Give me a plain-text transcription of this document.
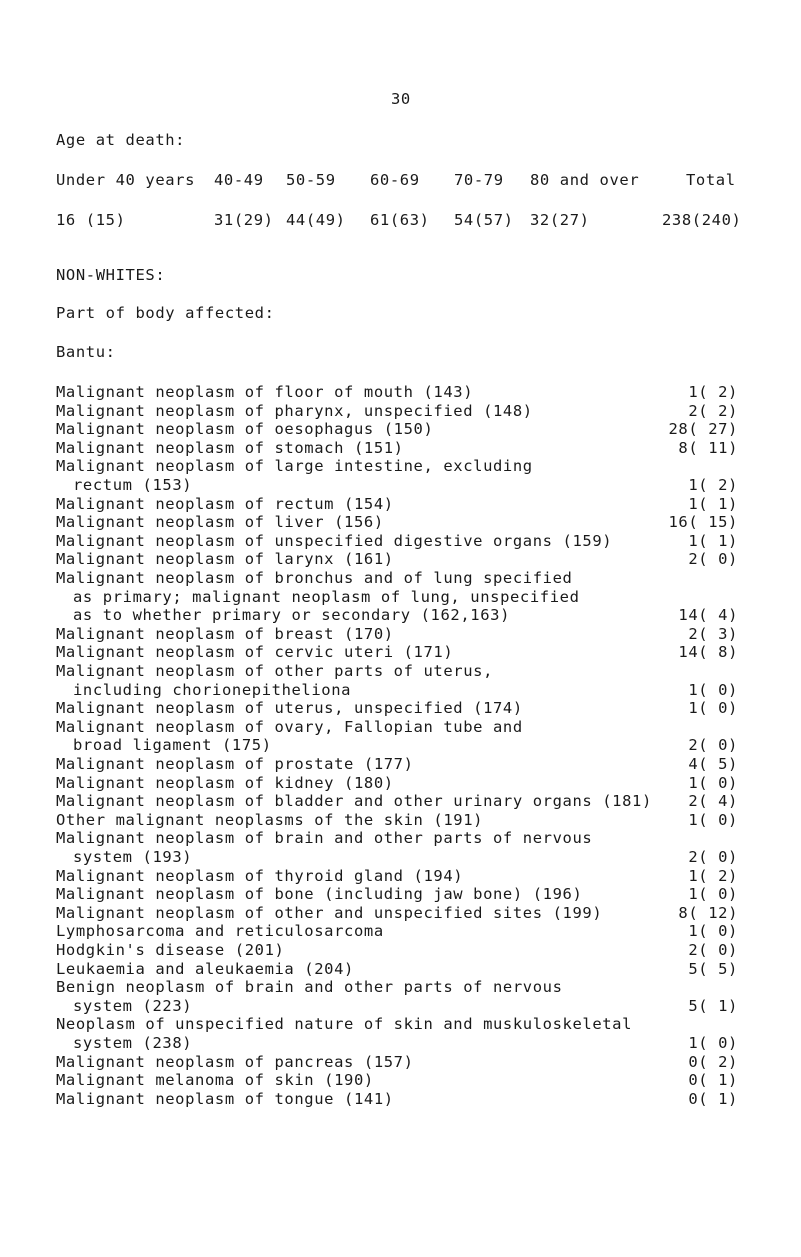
30
Age at death:
Under 40 years 40-49 50-59 60-69 70-79 80 and over	Total
16 (15)	31(29) 44(49) 61(63) 54(57) 32(27)	238(240)
NON-WHITES:
Part of body affected:
Bantu:
Malignant neoplasm of floor of mouth (143)	1( 2)
Malignant neoplasm of pharynx, unspecified (148)	2( 2)
Malignant neoplasm of oesophagus (150)	28( 27)
Malignant neoplasm of stomach (151)	8( 11)
Malignant neoplasm of large intestine, excluding
rectum (153)	1( 2)
Malignant neoplasm of rectum (154)	1( 1)
Malignant neoplasm of liver (156)	16( 15)
Malignant neoplasm of unspecified digestive organs (159)	1( 1)
Malignant neoplasm of larynx (161)	2( 0)
Malignant neoplasm of bronchus and of lung specified
as primary; malignant neoplasm of lung, unspecified
as to whether primary or secondary (162,163)	14( 4)
Malignant neoplasm of breast (170)	2( 3)
Malignant neoplasm of cervic uteri (171)	14( 8)
Malignant neoplasm of other parts of uterus,
including chorionepitheliona	1( 0)
Malignant neoplasm of uterus, unspecified (174)	1( 0)
Malignant neoplasm of ovary, Fallopian tube and
broad ligament (175)	2( 0)
Malignant neoplasm of prostate (177)	4( 5)
Malignant neoplasm of kidney (180)	1( 0)
Malignant neoplasm of bladder and other urinary organs (181) 2( 4)
Other malignant neoplasms of the skin (191)	1( 0)
Malignant neoplasm of brain and other parts of nervous
system (193)	2( 0)
Malignant neoplasm of thyroid gland (194)	1( 2)
Malignant neoplasm of bone (including jaw bone) (196)	1( 0)
Malignant neoplasm of other and unspecified sites (199)	8( 12)
Lymphosarcoma and reticulosarcoma	1( 0)
Hodgkin's disease (201)	2( 0)
Leukaemia and aleukaemia (204)	5( 5)
Benign neoplasm of brain and other parts of nervous
system (223)	5( 1)
Neoplasm of unspecified nature of skin and muskuloskeletal
system (238)	1( 0)
Malignant neoplasm of pancreas (157)	0( 2)
Malignant melanoma of skin (190)	0( 1)
Malignant neoplasm of tongue (141)	0( 1)
